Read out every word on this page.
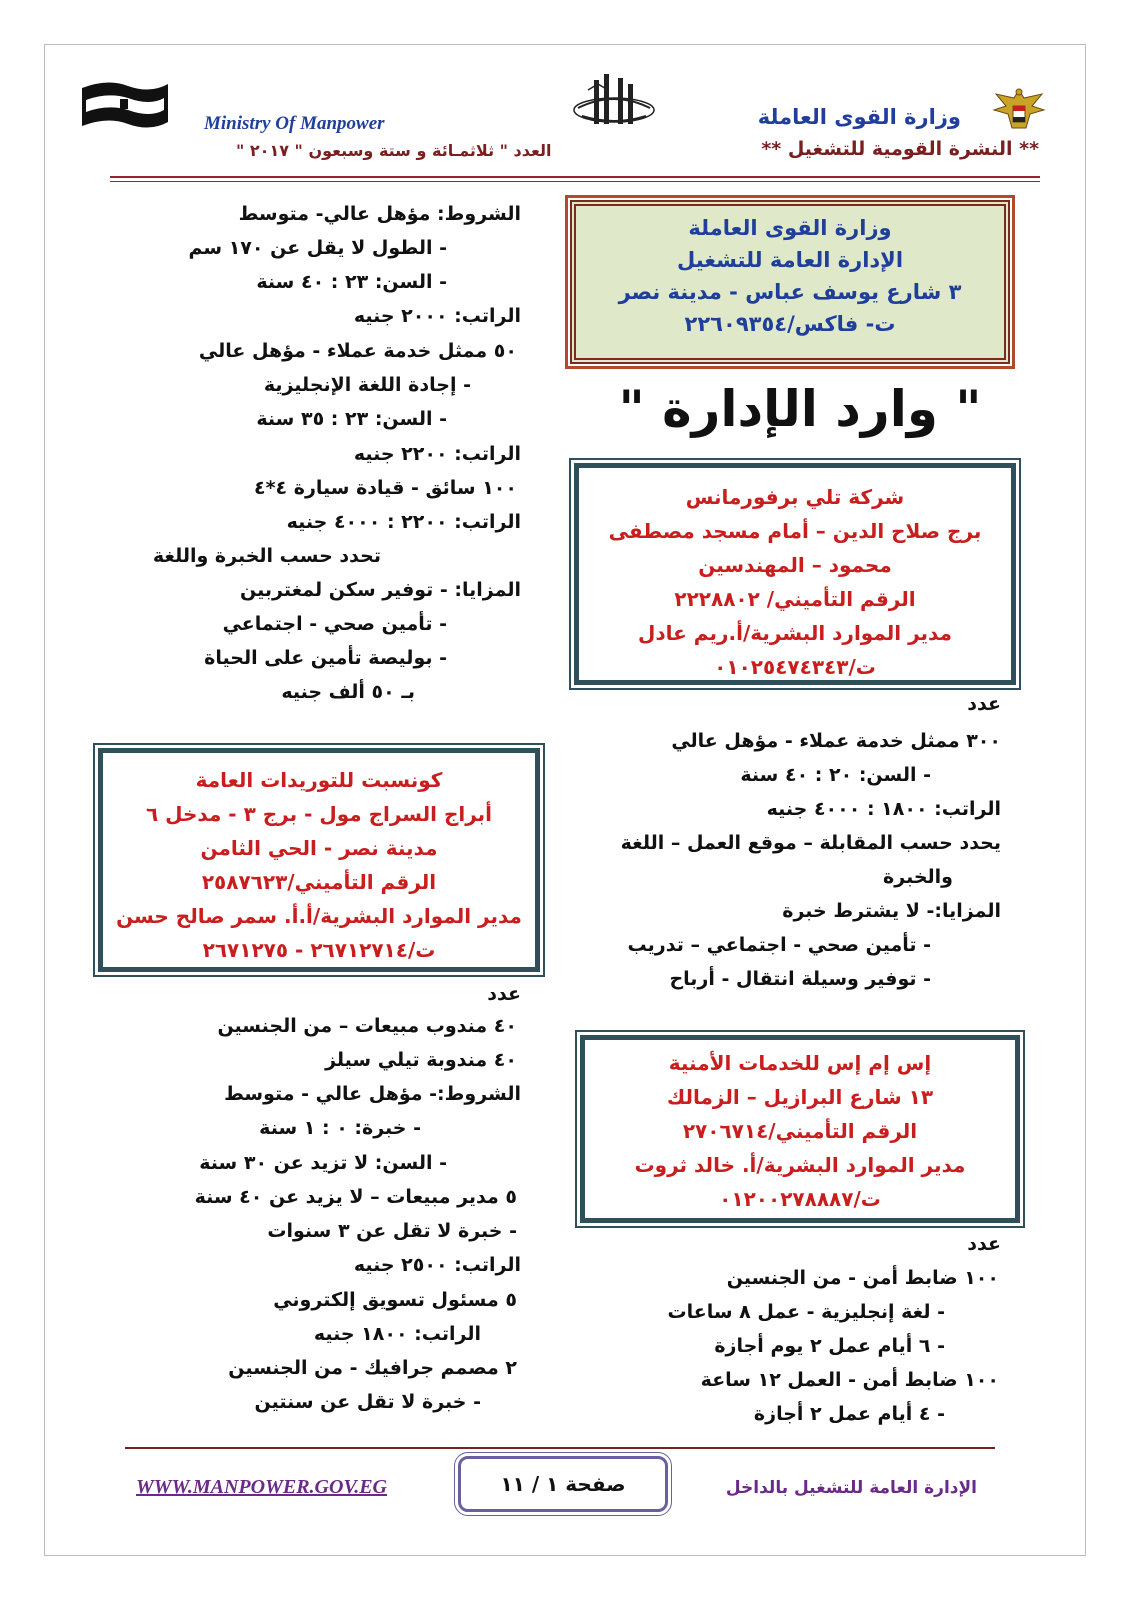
وزارة القوى العاملة
** النشرة القومية للتشغيل **
Ministry Of Manpower
العدد " ثلاثمـائة و ستة وسبعون " ٢٠١٧ "
وزارة القوى العاملة
الإدارة العامة للتشغيل
٣ شارع يوسف عباس - مدينة نصر
ت- فاكس/٢٢٦٠٩٣٥٤
" وارد الإدارة "
شركة تلي برفورمانس
برج صلاح الدين – أمام مسجد مصطفى
محمود – المهندسين
الرقم التأميني/ ٢٢٢٨٨٠٢
مدير الموارد البشرية/أ.ريم عادل
ت/٠١٠٢٥٤٧٤٣٤٣
عدد
٣٠٠ ممثل خدمة عملاء - مؤهل عالي
- السن: ٢٠ : ٤٠ سنة
الراتب: ١٨٠٠ : ٤٠٠٠ جنيه
يحدد حسب المقابلة – موقع العمل – اللغة
والخبرة
المزايا:- لا يشترط خبرة
- تأمين صحي - اجتماعي – تدريب
- توفير وسيلة انتقال - أرباح
إس إم إس للخدمات الأمنية
١٣ شارع البرازيل – الزمالك
الرقم التأميني/٢٧٠٦٧١٤
مدير الموارد البشرية/أ. خالد ثروت
ت/٠١٢٠٠٢٧٨٨٨٧
عدد
١٠٠ ضابط أمن - من الجنسين
- لغة إنجليزية - عمل ٨ ساعات
- ٦ أيام عمل ٢ يوم أجازة
١٠٠ ضابط أمن - العمل ١٢ ساعة
- ٤ أيام عمل ٢ أجازة
الشروط: مؤهل عالي- متوسط
- الطول لا يقل عن ١٧٠ سم
- السن: ٢٣ : ٤٠ سنة
الراتب: ٢٠٠٠ جنيه
٥٠ ممثل خدمة عملاء - مؤهل عالي
- إجادة اللغة الإنجليزية
- السن: ٢٣ : ٣٥ سنة
الراتب: ٢٢٠٠ جنيه
١٠٠ سائق - قيادة سيارة ٤*٤
الراتب: ٢٢٠٠ : ٤٠٠٠ جنيه
تحدد حسب الخبرة واللغة
المزايا: - توفير سكن لمغتربين
- تأمين صحي - اجتماعي
- بوليصة تأمين على الحياة
بـ ٥٠ ألف جنيه
كونسبت للتوريدات العامة
أبراج السراج مول - برج ٣ - مدخل ٦
مدينة نصر - الحي الثامن
الرقم التأميني/٢٥٨٧٦٢٣
مدير الموارد البشرية/أ.أ. سمر صالح حسن
ت/٢٦٧١٢٧١٤ - ٢٦٧١٢٧٥
عدد
٤٠ مندوب مبيعات – من الجنسين
٤٠ مندوبة تيلي سيلز
الشروط:- مؤهل عالي - متوسط
- خبرة: ٠ : ١ سنة
- السن: لا تزيد عن ٣٠ سنة
٥ مدير مبيعات – لا يزيد عن ٤٠ سنة
- خبرة لا تقل عن ٣ سنوات
الراتب: ٢٥٠٠ جنيه
٥ مسئول تسويق إلكتروني
الراتب: ١٨٠٠ جنيه
٢ مصمم جرافيك - من الجنسين
- خبرة لا تقل عن سنتين
WWW.MANPOWER.GOV.EG	صفحة ١ / ١١	الإدارة العامة للتشغيل بالداخل
